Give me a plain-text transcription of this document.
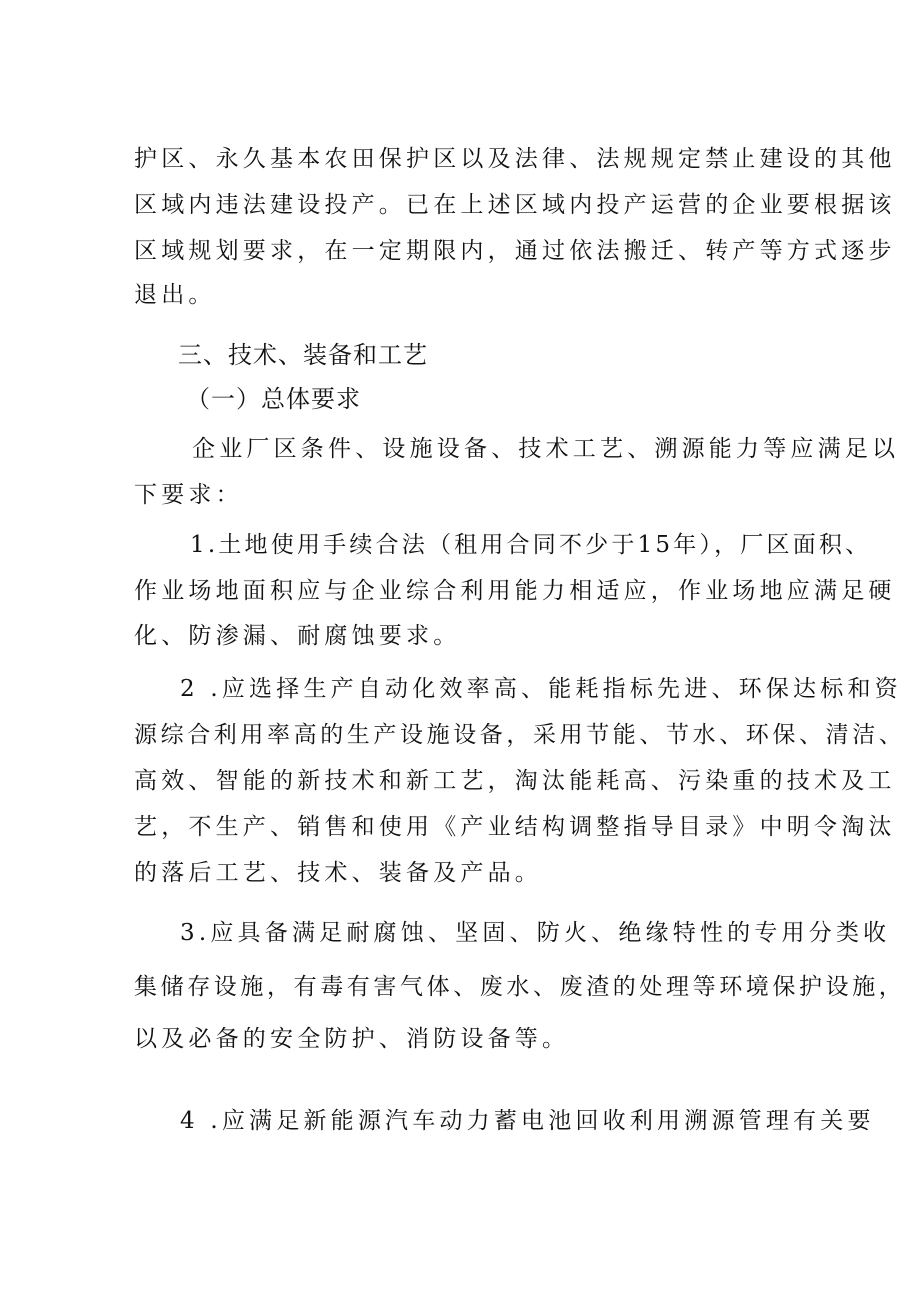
护区、永久基本农田保护区以及法律、法规规定禁止建设的其他
区域内违法建设投产。已在上述区域内投产运营的企业要根据该
区域规划要求，在一定期限内，通过依法搬迁、转产等方式逐步
退出。
三、技术、装备和工艺
（一）总体要求
企业厂区条件、设施设备、技术工艺、溯源能力等应满足以
下要求：
1.土地使用手续合法（租用合同不少于15年），厂区面积、
作业场地面积应与企业综合利用能力相适应，作业场地应满足硬
化、防渗漏、耐腐蚀要求。
2 .应选择生产自动化效率高、能耗指标先进、环保达标和资
源综合利用率高的生产设施设备，采用节能、节水、环保、清洁、
高效、智能的新技术和新工艺，淘汰能耗高、污染重的技术及工
艺，不生产、销售和使用《产业结构调整指导目录》中明令淘汰
的落后工艺、技术、装备及产品。
3.应具备满足耐腐蚀、坚固、防火、绝缘特性的专用分类收
集储存设施，有毒有害气体、废水、废渣的处理等环境保护设施，
以及必备的安全防护、消防设备等。
4 .应满足新能源汽车动力蓄电池回收利用溯源管理有关要
